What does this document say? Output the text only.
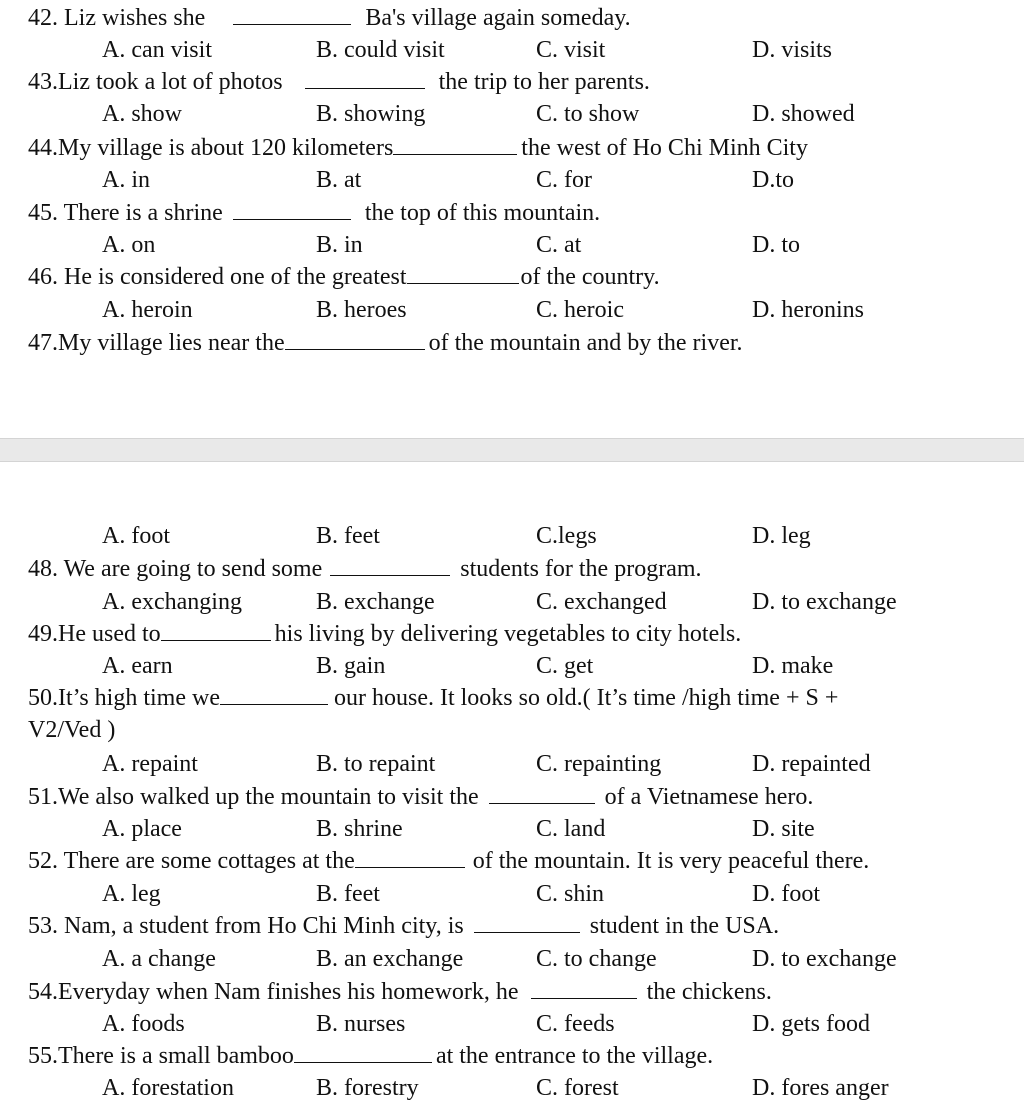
42. Liz wishes she	Ba's village again someday.
A. can visit	B. could visit	C. visit	D. visits
43.Liz took a lot of photos	the trip to her parents.
A. show	B. showing	C. to show	D. showed
44.My village is about 120 kilometers	the west of Ho Chi Minh City
A. in	B. at	C. for	D.to
45. There is a shrine	the top of this mountain.
A. on	B. in	C. at	D. to
46. He is considered one of the greatest	of the country.
A. heroin	B. heroes	C. heroic	D. heronins
47.My village lies near the	of the mountain and by the river.
A. foot	B. feet	C.legs	D. leg
48. We are going to send some	students for the program.
A. exchanging	B. exchange	C. exchanged	D. to exchange
49.He used to	his living by delivering vegetables to city hotels.
A. earn	B. gain	C. get	D. make
50.It’s high time we	our house. It looks so old.( It’s time /high time + S +
V2/Ved )
A. repaint	B. to repaint	C. repainting	D. repainted
51.We also walked up the mountain to visit the	of a Vietnamese hero.
A. place	B. shrine	C. land	D. site
52. There are some cottages at the	of the mountain. It is very peaceful there.
A. leg	B. feet	C. shin	D. foot
53. Nam, a student from Ho Chi Minh city, is	student in the USA.
A. a change	B. an exchange	C. to change	D. to exchange
54.Everyday when Nam finishes his homework, he	the chickens.
A. foods	B. nurses	C. feeds	D. gets food
55.There is a small bamboo	at the entrance to the village.
A. forestation	B. forestry	C. forest	D. fores anger
